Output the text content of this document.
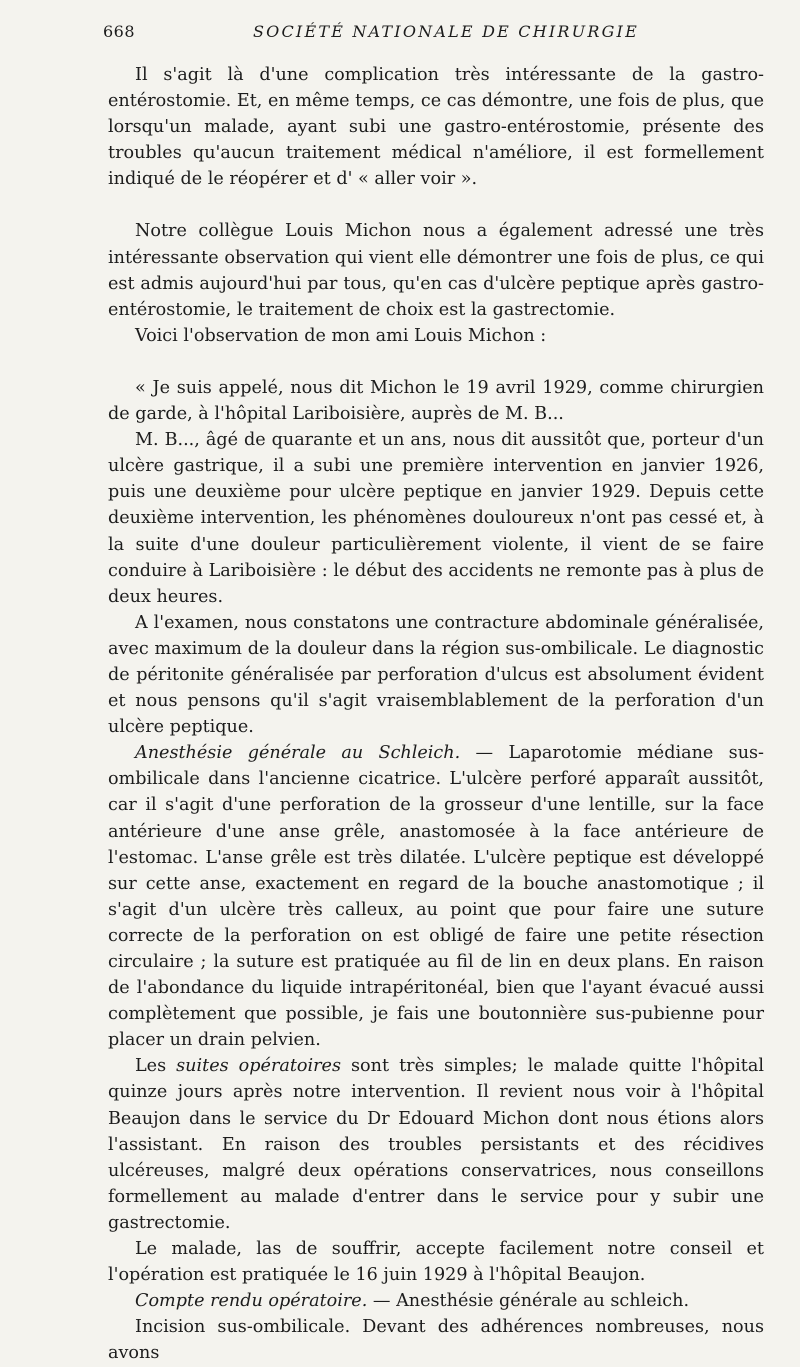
668	SOCIÉTÉ NATIONALE DE CHIRURGIE

Il s'agit là d'une complication très intéressante de la gastro-entérostomie. Et, en même temps, ce cas démontre, une fois de plus, que lorsqu'un malade, ayant subi une gastro-entérostomie, présente des troubles qu'aucun traitement médical n'améliore, il est formellement indiqué de le réopérer et d' « aller voir ».

Notre collègue Louis Michon nous a également adressé une très intéressante observation qui vient elle démontrer une fois de plus, ce qui est admis aujourd'hui par tous, qu'en cas d'ulcère peptique après gastro-entérostomie, le traitement de choix est la gastrectomie.

Voici l'observation de mon ami Louis Michon :

« Je suis appelé, nous dit Michon le 19 avril 1929, comme chirurgien de garde, à l'hôpital Lariboisière, auprès de M. B...

M. B..., âgé de quarante et un ans, nous dit aussitôt que, porteur d'un ulcère gastrique, il a subi une première intervention en janvier 1926, puis une deuxième pour ulcère peptique en janvier 1929. Depuis cette deuxième intervention, les phénomènes douloureux n'ont pas cessé et, à la suite d'une douleur particulièrement violente, il vient de se faire conduire à Lariboisière : le début des accidents ne remonte pas à plus de deux heures.

A l'examen, nous constatons une contracture abdominale généralisée, avec maximum de la douleur dans la région sus-ombilicale. Le diagnostic de péritonite généralisée par perforation d'ulcus est absolument évident et nous pensons qu'il s'agit vraisemblablement de la perforation d'un ulcère peptique.

Anesthésie générale au Schleich. — Laparotomie médiane sus-ombilicale dans l'ancienne cicatrice. L'ulcère perforé apparaît aussitôt, car il s'agit d'une perforation de la grosseur d'une lentille, sur la face antérieure d'une anse grêle, anastomosée à la face antérieure de l'estomac. L'anse grêle est très dilatée. L'ulcère peptique est développé sur cette anse, exactement en regard de la bouche anastomotique ; il s'agit d'un ulcère très calleux, au point que pour faire une suture correcte de la perforation on est obligé de faire une petite résection circulaire ; la suture est pratiquée au fil de lin en deux plans. En raison de l'abondance du liquide intrapéritonéal, bien que l'ayant évacué aussi complètement que possible, je fais une boutonnière sus-pubienne pour placer un drain pelvien.

Les suites opératoires sont très simples; le malade quitte l'hôpital quinze jours après notre intervention. Il revient nous voir à l'hôpital Beaujon dans le service du Dr Edouard Michon dont nous étions alors l'assistant. En raison des troubles persistants et des récidives ulcéreuses, malgré deux opérations conservatrices, nous conseillons formellement au malade d'entrer dans le service pour y subir une gastrectomie.

Le malade, las de souffrir, accepte facilement notre conseil et l'opération est pratiquée le 16 juin 1929 à l'hôpital Beaujon.

Compte rendu opératoire. — Anesthésie générale au schleich.

Incision sus-ombilicale. Devant des adhérences nombreuses, nous avons
